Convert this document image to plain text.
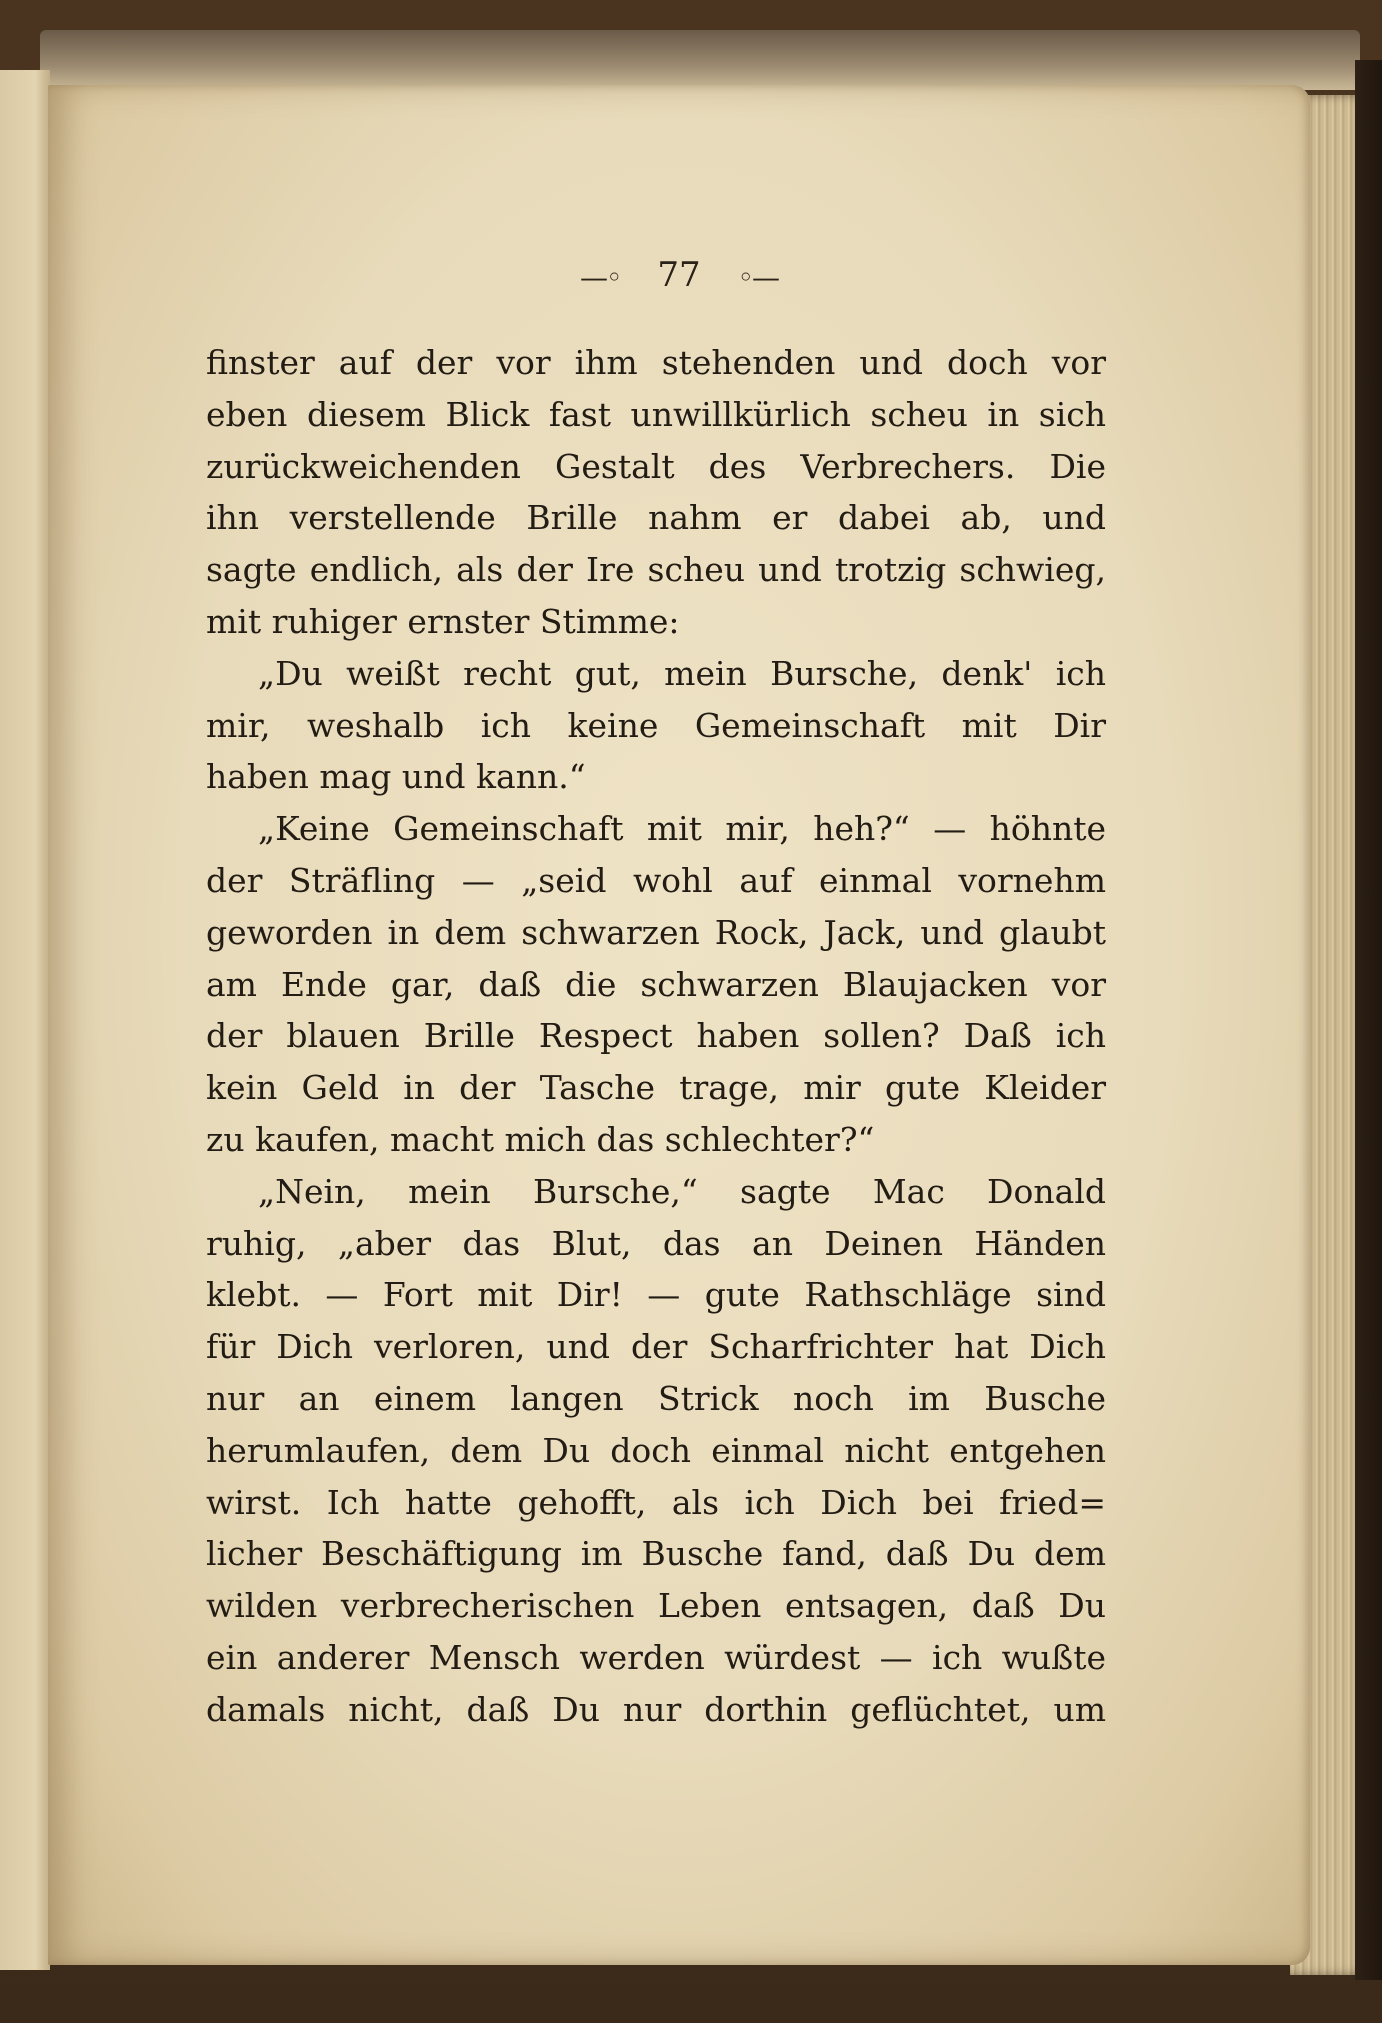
—◦ 77 ◦—
finster auf der vor ihm stehenden und doch vor
eben diesem Blick fast unwillkürlich scheu in sich
zurückweichenden Gestalt des Verbrechers. Die
ihn verstellende Brille nahm er dabei ab, und
sagte endlich, als der Ire scheu und trotzig schwieg,
mit ruhiger ernster Stimme:
„Du weißt recht gut, mein Bursche, denk' ich
mir, weshalb ich keine Gemeinschaft mit Dir
haben mag und kann.“
„Keine Gemeinschaft mit mir, heh?“ — höhnte
der Sträfling — „seid wohl auf einmal vornehm
geworden in dem schwarzen Rock, Jack, und glaubt
am Ende gar, daß die schwarzen Blaujacken vor
der blauen Brille Respect haben sollen? Daß ich
kein Geld in der Tasche trage, mir gute Kleider
zu kaufen, macht mich das schlechter?“
„Nein, mein Bursche,“ sagte Mac Donald
ruhig, „aber das Blut, das an Deinen Händen
klebt. — Fort mit Dir! — gute Rathschläge sind
für Dich verloren, und der Scharfrichter hat Dich
nur an einem langen Strick noch im Busche
herumlaufen, dem Du doch einmal nicht entgehen
wirst. Ich hatte gehofft, als ich Dich bei fried=
licher Beschäftigung im Busche fand, daß Du dem
wilden verbrecherischen Leben entsagen, daß Du
ein anderer Mensch werden würdest — ich wußte
damals nicht, daß Du nur dorthin geflüchtet, um
